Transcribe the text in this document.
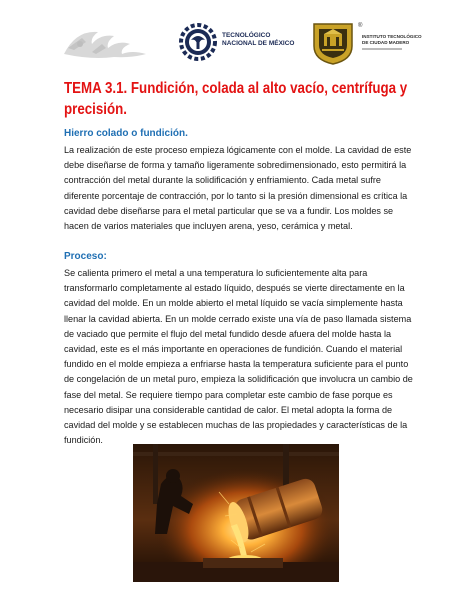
TECNOLÓGICO
NACIONAL DE MÉXICO
®
INSTITUTO TECNOLÓGICO
DE CIUDAD MADERO
TEMA 3.1. Fundición, colada al alto vacío, centrífuga y precisión.
Hierro colado o fundición.
La realización de este proceso empieza lógicamente con el molde. La cavidad de este debe diseñarse de forma y tamaño ligeramente sobredimensionado, esto permitirá la contracción del metal durante la solidificación y enfriamiento. Cada metal sufre diferente porcentaje de contracción, por lo tanto si la presión dimensional es crítica la cavidad debe diseñarse para el metal particular que se va a fundir. Los moldes se hacen de varios materiales que incluyen arena, yeso, cerámica y metal.
Proceso:
Se calienta primero el metal a una temperatura lo suficientemente alta para transformarlo completamente al estado líquido, después se vierte directamente en la cavidad del molde. En un molde abierto el metal líquido se vacía simplemente hasta llenar la cavidad abierta. En un molde cerrado existe una vía de paso llamada sistema de vaciado que permite el flujo del metal fundido desde afuera del molde hasta la cavidad, este es el más importante en operaciones de fundición. Cuando el material fundido en el molde empieza a enfriarse hasta la temperatura suficiente para el punto de congelación de un metal puro, empieza la solidificación que involucra un cambio de fase del metal. Se requiere tiempo para completar este cambio de fase porque es necesario disipar una considerable cantidad de calor. El metal adopta la forma de cavidad del molde y se establecen muchas de las propiedades y características de la fundición.
